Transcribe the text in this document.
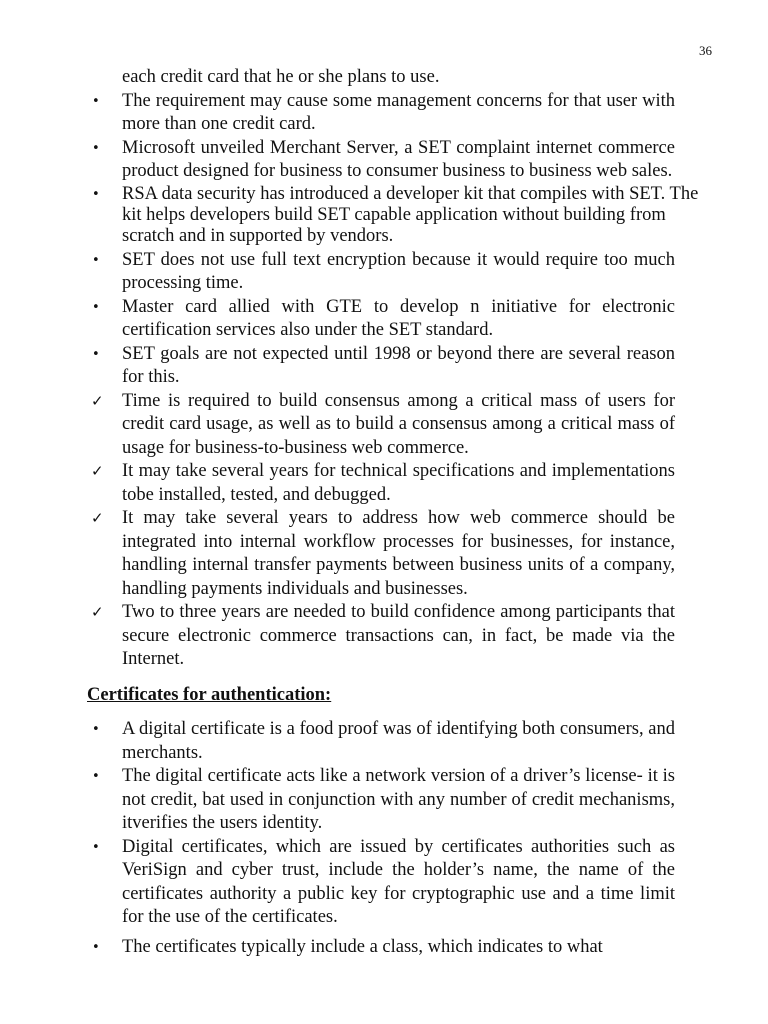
36
each credit card that he or she plans to use.
•	The requirement may cause some management concerns for that user with more than one credit card.
•	Microsoft unveiled Merchant Server, a SET complaint internet commerce product designed for business to consumer business to business web sales.
•	RSA data security has introduced a developer kit that compiles with SET. The kit helps developers build SET capable application without building from scratch and in supported by vendors.
•	SET does not use full text encryption because it would require too much processing time.
•	Master card allied with GTE to develop n initiative for electronic certification services also under the SET standard.
•	SET goals are not expected until 1998 or beyond there are several reason for this.
✓ Time is required to build consensus among a critical mass of users for credit card usage, as well as to build a consensus among a critical mass of usage for business-to-business web commerce.
✓ It may take several years for technical specifications and implementations tobe installed, tested, and debugged.
✓ It may take several years to address how web commerce should be integrated into internal workflow processes for businesses, for instance, handling internal transfer payments between business units of a company, handling payments individuals and businesses.
✓ Two to three years are needed to build confidence among participants that secure electronic commerce transactions can, in fact, be made via the Internet.
Certificates for authentication:
•	A digital certificate is a food proof was of identifying both consumers, and merchants.
•	The digital certificate acts like a network version of a driver’s license- it is not credit, bat used in conjunction with any number of credit mechanisms, itverifies the users identity.
•	Digital certificates, which are issued by certificates authorities such as VeriSign and cyber trust, include the holder’s name, the name of the certificates authority a public key for cryptographic use and a time limit for the use of the certificates.
•	The certificates typically include a class, which indicates to what
